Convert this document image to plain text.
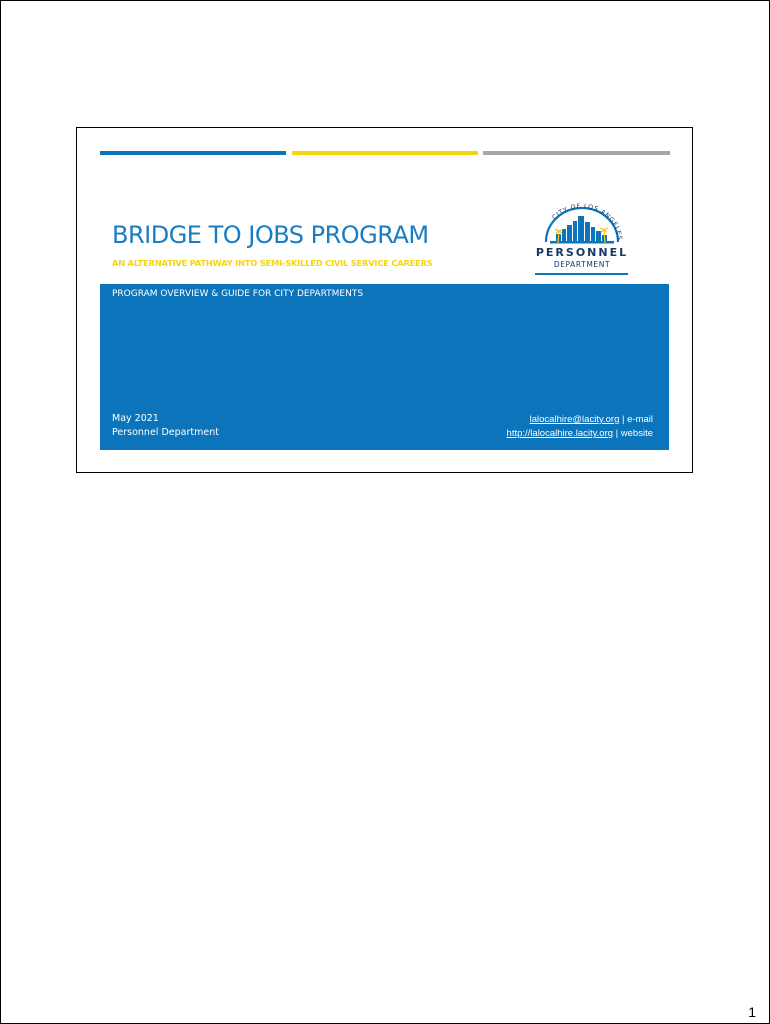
BRIDGE TO JOBS PROGRAM
AN ALTERNATIVE PATHWAY INTO SEMI-SKILLED CIVIL SERVICE CAREERS
CITY OF LOS ANGELES
PERSONNEL
DEPARTMENT
PROGRAM OVERVIEW & GUIDE FOR CITY DEPARTMENTS
May 2021
Personnel Department
lalocalhire@lacity.org | e-mail
http://lalocalhire.lacity.org | website
1
